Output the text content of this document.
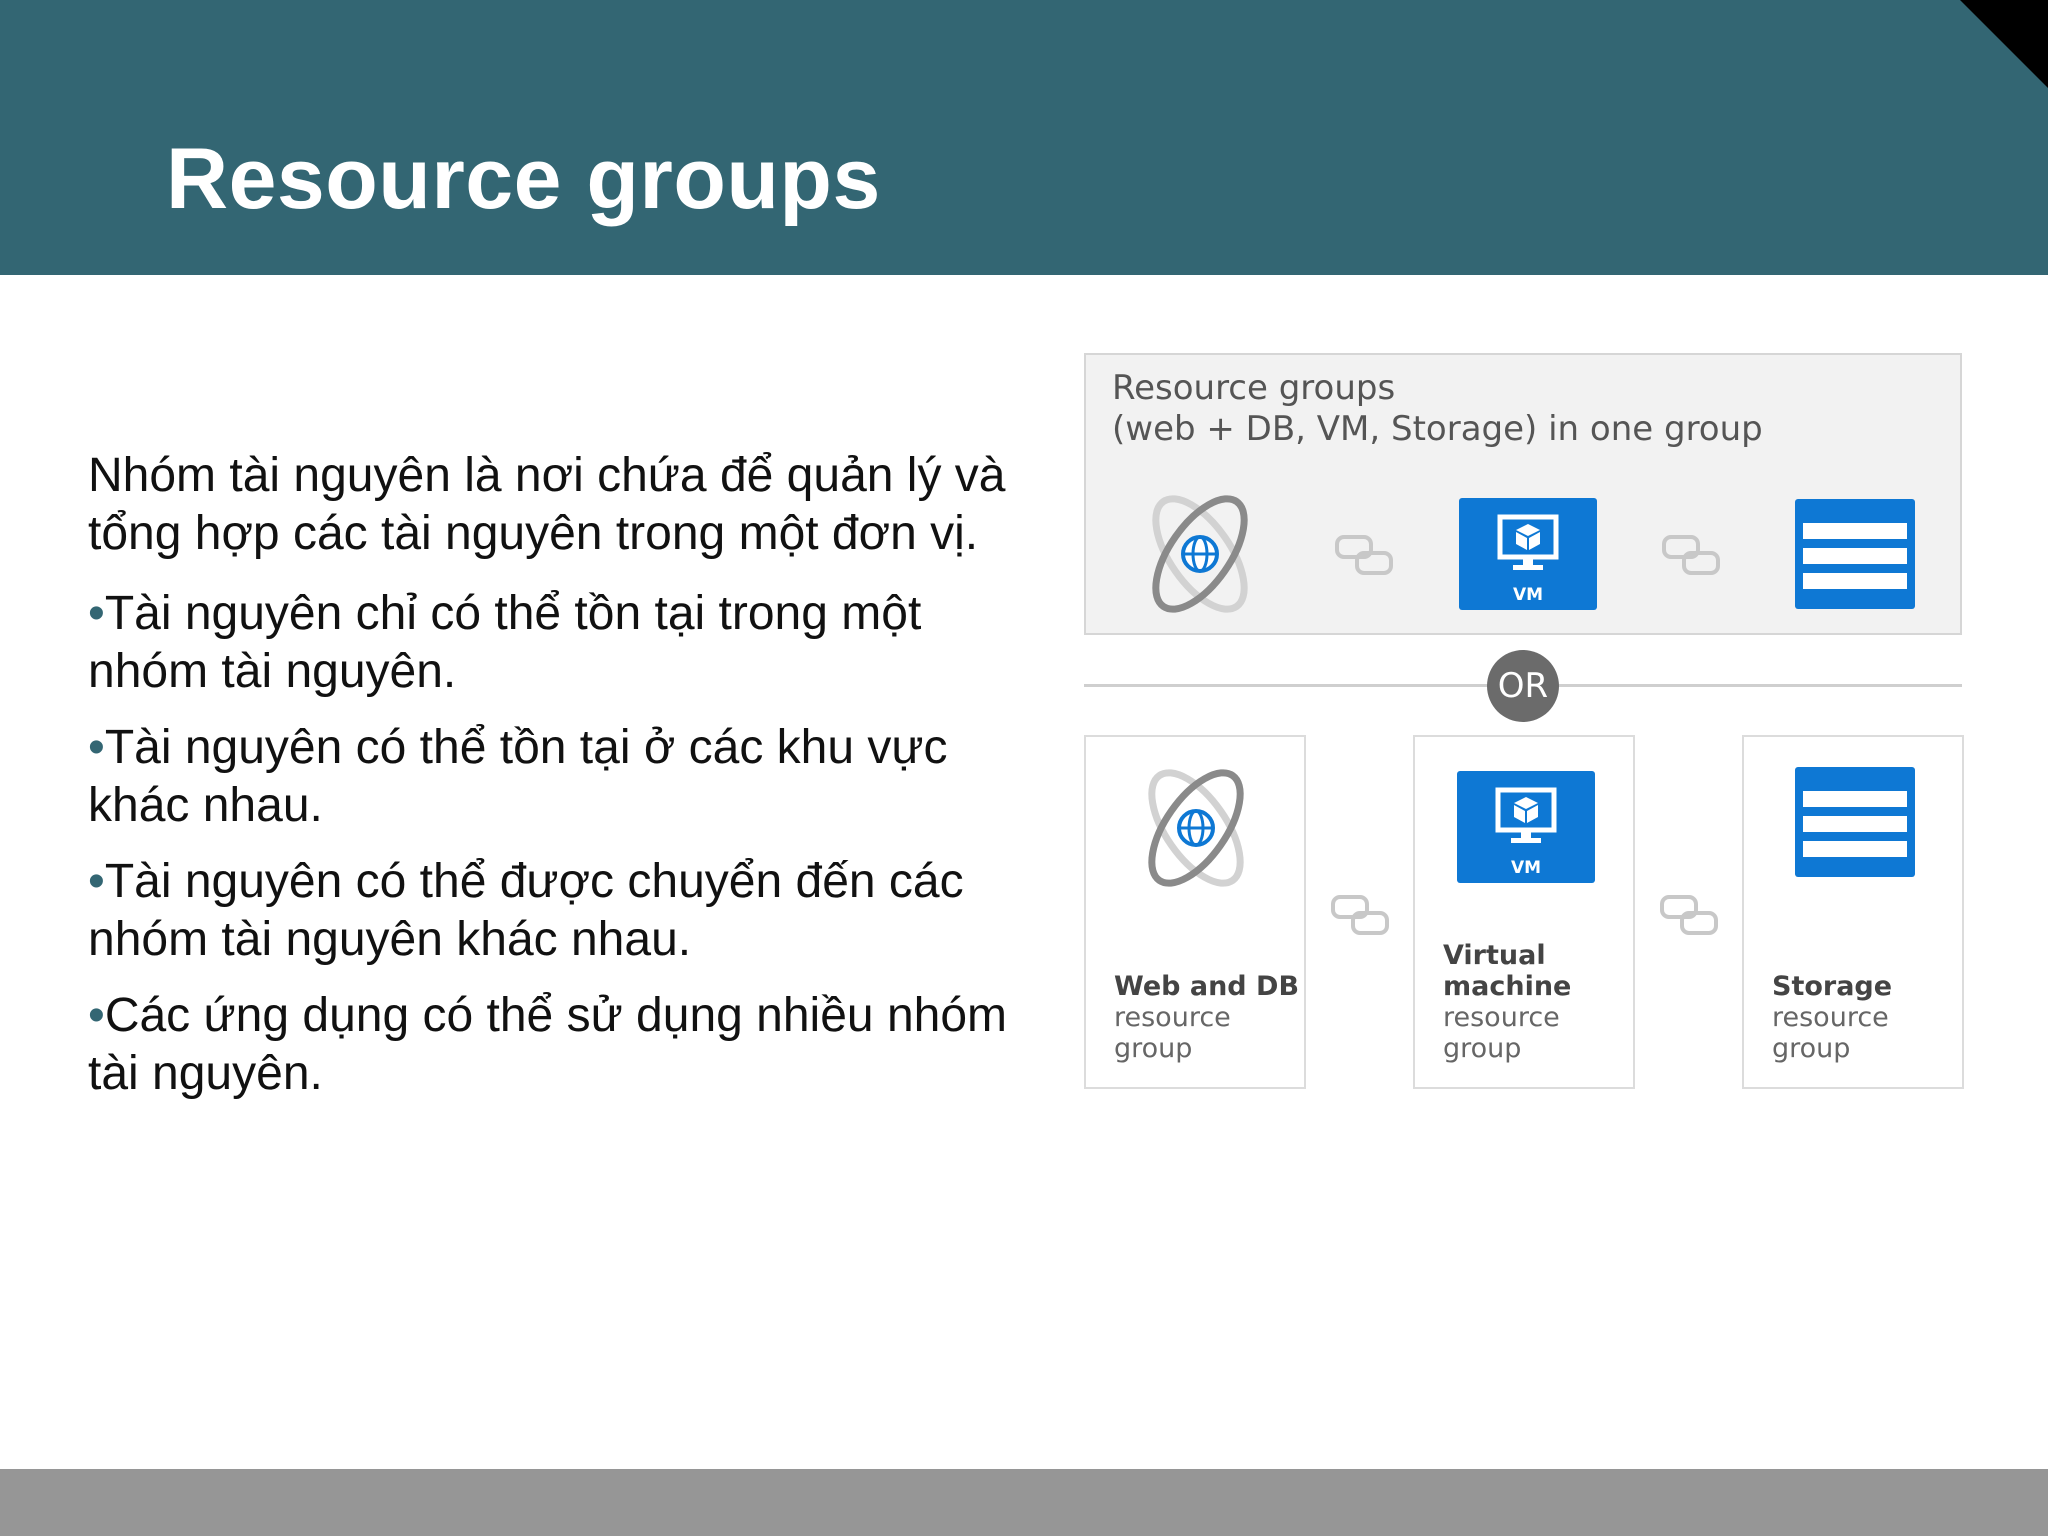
Resource groups

Nhóm tài nguyên là nơi chứa để quản lý và tổng hợp các tài nguyên trong một đơn vị.

•Tài nguyên chỉ có thể tồn tại trong một nhóm tài nguyên.

•Tài nguyên có thể tồn tại ở các khu vực khác nhau.

•Tài nguyên có thể được chuyển đến các nhóm tài nguyên khác nhau.

•Các ứng dụng có thể sử dụng nhiều nhóm tài nguyên.

Resource groups
(web + DB, VM, Storage) in one group
VM
OR
VM
Web and DB resource group
Virtual machine resource group
Storage resource group
